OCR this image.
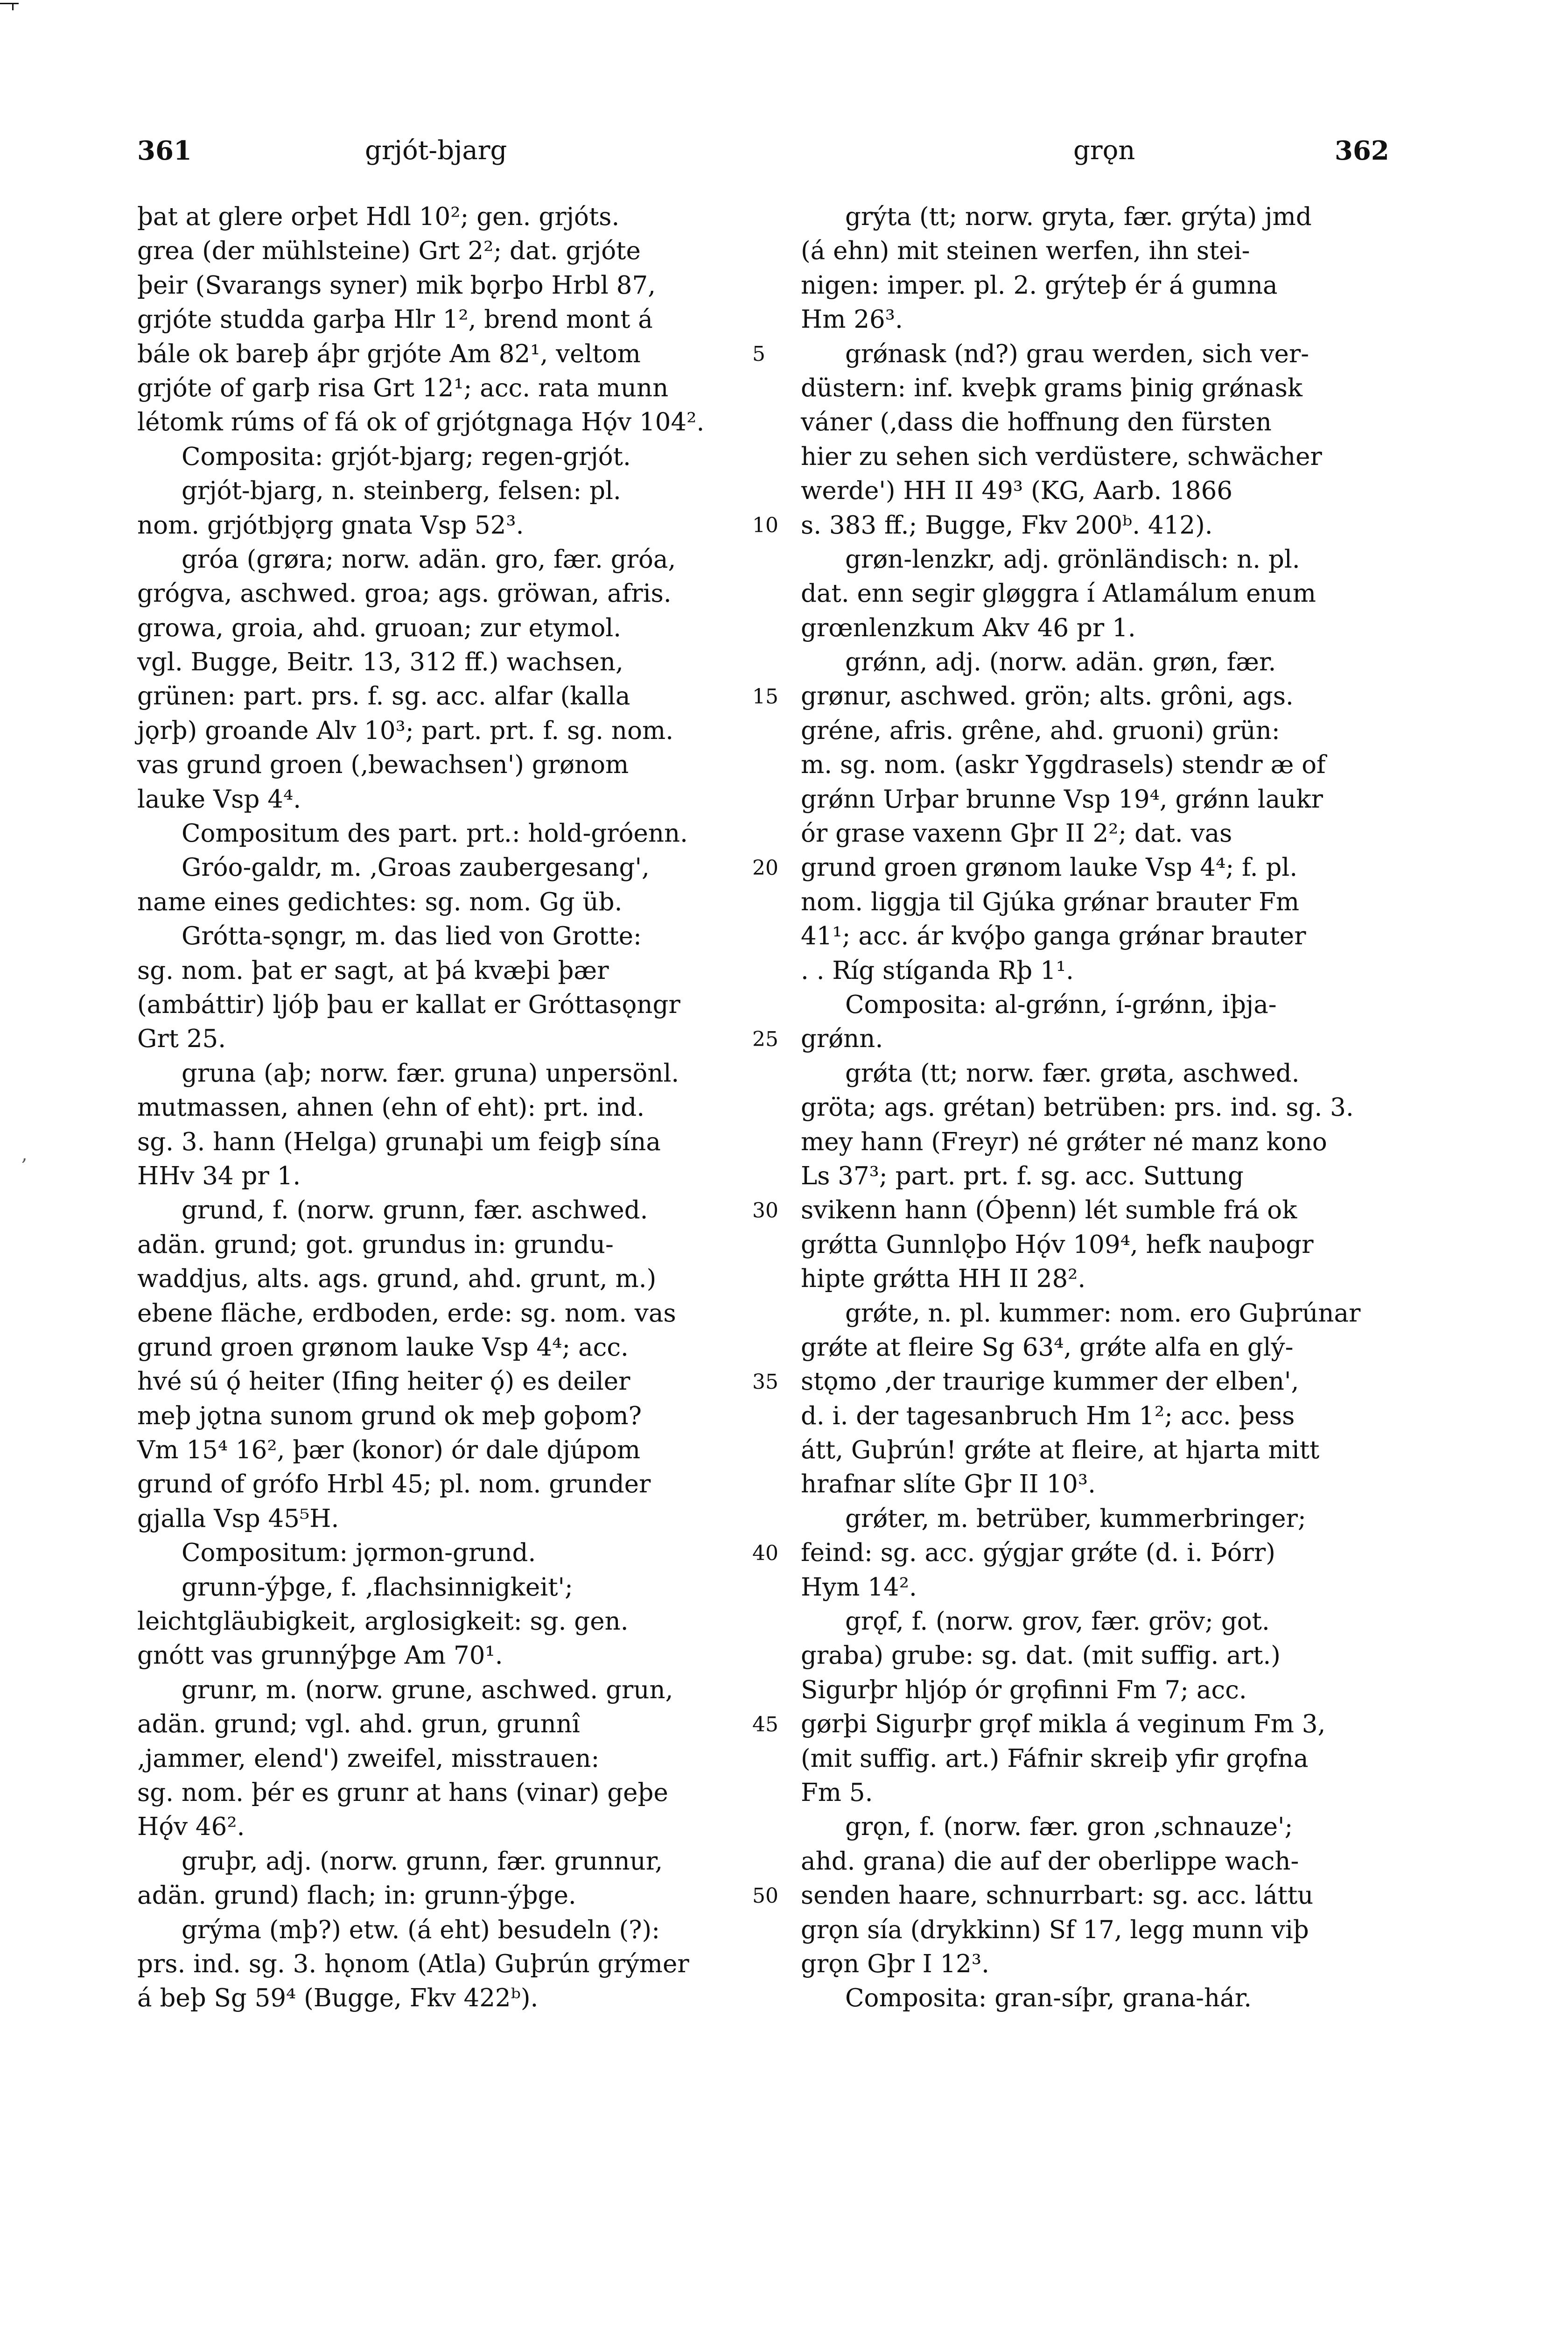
361	grjót-bjarg	grǫn	362
þat at glere orþet Hdl 10²; gen. grjóts.
grea (der mühlsteine) Grt 2²; dat. grjóte
þeir (Svarangs syner) mik bǫrþo Hrbl 87,
grjóte studda garþa Hlr 1², brend mont á
bále ok bareþ áþr grjóte Am 82¹, veltom
grjóte of garþ risa Grt 12¹; acc. rata munn
létomk rúms of fá ok of grjótgnaga Hǫ́v 104².
Composita: grjót-bjarg; regen-grjót.
grjót-bjarg, n. steinberg, felsen: pl.
nom. grjótbjǫrg gnata Vsp 52³.
gróa (grøra; norw. adän. gro, fær. gróa,
grógva, aschwed. groa; ags. gröwan, afris.
growa, groia, ahd. gruoan; zur etymol.
vgl. Bugge, Beitr. 13, 312 ff.) wachsen,
grünen: part. prs. f. sg. acc. alfar (kalla
jǫrþ) groande Alv 10³; part. prt. f. sg. nom.
vas grund groen (‚bewachsen') grønom
lauke Vsp 4⁴.
Compositum des part. prt.: hold-gróenn.
Gróo-galdr, m. ‚Groas zaubergesang',
name eines gedichtes: sg. nom. Gg üb.
Grótta-sǫngr, m. das lied von Grotte:
sg. nom. þat er sagt, at þá kvæþi þær
(ambáttir) ljóþ þau er kallat er Gróttasǫngr
Grt 25.
gruna (aþ; norw. fær. gruna) unpersönl.
mutmassen, ahnen (ehn of eht): prt. ind.
sg. 3. hann (Helga) grunaþi um feigþ sína
HHv 34 pr 1.
grund, f. (norw. grunn, fær. aschwed.
adän. grund; got. grundus in: grundu-
waddjus, alts. ags. grund, ahd. grunt, m.)
ebene fläche, erdboden, erde: sg. nom. vas
grund groen grønom lauke Vsp 4⁴; acc.
hvé sú ǫ́ heiter (Ifing heiter ǫ́) es deiler
meþ jǫtna sunom grund ok meþ goþom?
Vm 15⁴ 16², þær (konor) ór dale djúpom
grund of grófo Hrbl 45; pl. nom. grunder
gjalla Vsp 45⁵H.
Compositum: jǫrmon-grund.
grunn-ýþge, f. ‚flachsinnigkeit';
leichtgläubigkeit, arglosigkeit: sg. gen.
gnótt vas grunnýþge Am 70¹.
grunr, m. (norw. grune, aschwed. grun,
adän. grund; vgl. ahd. grun, grunnî
‚jammer, elend') zweifel, misstrauen:
sg. nom. þér es grunr at hans (vinar) geþe
Hǫ́v 46².
gruþr, adj. (norw. grunn, fær. grunnur,
adän. grund) flach; in: grunn-ýþge.
grýma (mþ?) etw. (á eht) besudeln (?):
prs. ind. sg. 3. hǫnom (Atla) Guþrún grýmer
á beþ Sg 59⁴ (Bugge, Fkv 422ᵇ).
grýta (tt; norw. gryta, fær. grýta) jmd
(á ehn) mit steinen werfen, ihn stei-
nigen: imper. pl. 2. grýteþ ér á gumna
Hm 26³.
grǿnask (nd?) grau werden, sich ver-
düstern: inf. kveþk grams þinig grǿnask
váner (‚dass die hoffnung den fürsten
hier zu sehen sich verdüstere, schwächer
werde') HH II 49³ (KG, Aarb. 1866
s. 383 ff.; Bugge, Fkv 200ᵇ. 412).
grøn-lenzkr, adj. grönländisch: n. pl.
dat. enn segir gløggra í Atlamálum enum
grœnlenzkum Akv 46 pr 1.
grǿnn, adj. (norw. adän. grøn, fær.
grønur, aschwed. grön; alts. grôni, ags.
gréne, afris. grêne, ahd. gruoni) grün:
m. sg. nom. (askr Yggdrasels) stendr æ of
grǿnn Urþar brunne Vsp 19⁴, grǿnn laukr
ór grase vaxenn Gþr II 2²; dat. vas
grund groen grønom lauke Vsp 4⁴; f. pl.
nom. liggja til Gjúka grǿnar brauter Fm
41¹; acc. ár kvǫ́þo ganga grǿnar brauter
. . Ríg stíganda Rþ 1¹.
Composita: al-grǿnn, í-grǿnn, iþja-
grǿnn.
grǿta (tt; norw. fær. grøta, aschwed.
gröta; ags. grétan) betrüben: prs. ind. sg. 3.
mey hann (Freyr) né grǿter né manz kono
Ls 37³; part. prt. f. sg. acc. Suttung
svikenn hann (Óþenn) lét sumble frá ok
grǿtta Gunnlǫþo Hǫ́v 109⁴, hefk nauþogr
hipte grǿtta HH II 28².
grǿte, n. pl. kummer: nom. ero Guþrúnar
grǿte at fleire Sg 63⁴, grǿte alfa en glý-
stǫmo ‚der traurige kummer der elben',
d. i. der tagesanbruch Hm 1²; acc. þess
átt, Guþrún! grǿte at fleire, at hjarta mitt
hrafnar slíte Gþr II 10³.
grǿter, m. betrüber, kummerbringer;
feind: sg. acc. gýgjar grǿte (d. i. Þórr)
Hym 14².
grǫf, f. (norw. grov, fær. gröv; got.
graba) grube: sg. dat. (mit suffig. art.)
Sigurþr hljóp ór grǫfinni Fm 7; acc.
gørþi Sigurþr grǫf mikla á veginum Fm 3,
(mit suffig. art.) Fáfnir skreiþ yfir grǫfna
Fm 5.
grǫn, f. (norw. fær. gron ‚schnauze';
ahd. grana) die auf der oberlippe wach-
senden haare, schnurrbart: sg. acc. láttu
grǫn sía (drykkinn) Sf 17, legg munn viþ
grǫn Gþr I 12³.
Composita: gran-síþr, grana-hár.
5
10
15
20
25
30
35
40
45
50
,
